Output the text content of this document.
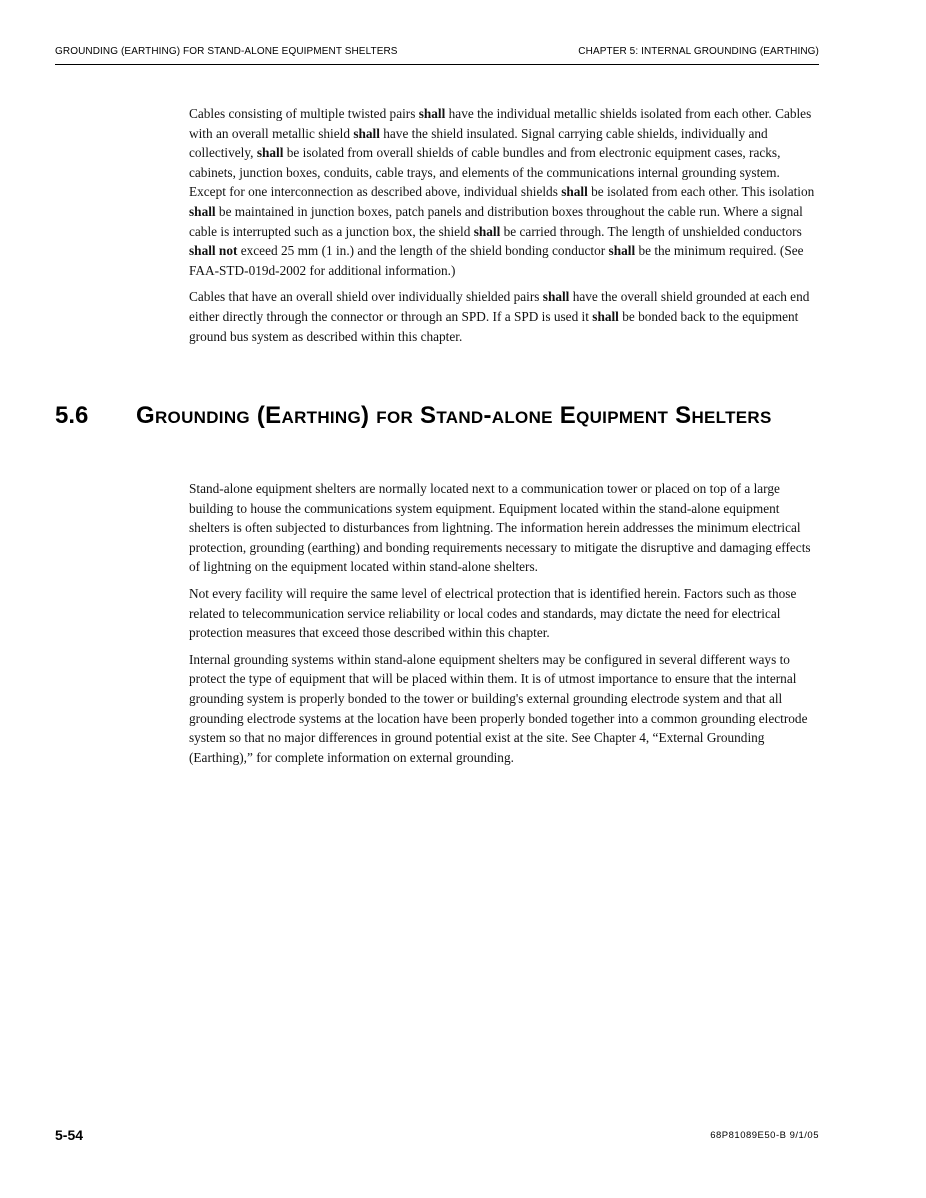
GROUNDING (EARTHING) FOR STAND-ALONE EQUIPMENT SHELTERS	CHAPTER 5: INTERNAL GROUNDING (EARTHING)

Cables consisting of multiple twisted pairs shall have the individual metallic shields isolated from each other. Cables with an overall metallic shield shall have the shield insulated. Signal carrying cable shields, individually and collectively, shall be isolated from overall shields of cable bundles and from electronic equipment cases, racks, cabinets, junction boxes, conduits, cable trays, and elements of the communications internal grounding system. Except for one interconnection as described above, individual shields shall be isolated from each other. This isolation shall be maintained in junction boxes, patch panels and distribution boxes throughout the cable run. Where a signal cable is interrupted such as a junction box, the shield shall be carried through. The length of unshielded conductors shall not exceed 25 mm (1 in.) and the length of the shield bonding conductor shall be the minimum required. (See FAA-STD-019d-2002 for additional information.)

Cables that have an overall shield over individually shielded pairs shall have the overall shield grounded at each end either directly through the connector or through an SPD. If a SPD is used it shall be bonded back to the equipment ground bus system as described within this chapter.

5.6 Grounding (Earthing) for Stand-alone Equipment Shelters

Stand-alone equipment shelters are normally located next to a communication tower or placed on top of a large building to house the communications system equipment. Equipment located within the stand-alone equipment shelters is often subjected to disturbances from lightning. The information herein addresses the minimum electrical protection, grounding (earthing) and bonding requirements necessary to mitigate the disruptive and damaging effects of lightning on the equipment located within stand-alone shelters.

Not every facility will require the same level of electrical protection that is identified herein. Factors such as those related to telecommunication service reliability or local codes and standards, may dictate the need for electrical protection measures that exceed those described within this chapter.

Internal grounding systems within stand-alone equipment shelters may be configured in several different ways to protect the type of equipment that will be placed within them. It is of utmost importance to ensure that the internal grounding system is properly bonded to the tower or building's external grounding electrode system and that all grounding electrode systems at the location have been properly bonded together into a common grounding electrode system so that no major differences in ground potential exist at the site. See Chapter 4, “External Grounding (Earthing),” for complete information on external grounding.

5-54	68P81089E50-B 9/1/05
